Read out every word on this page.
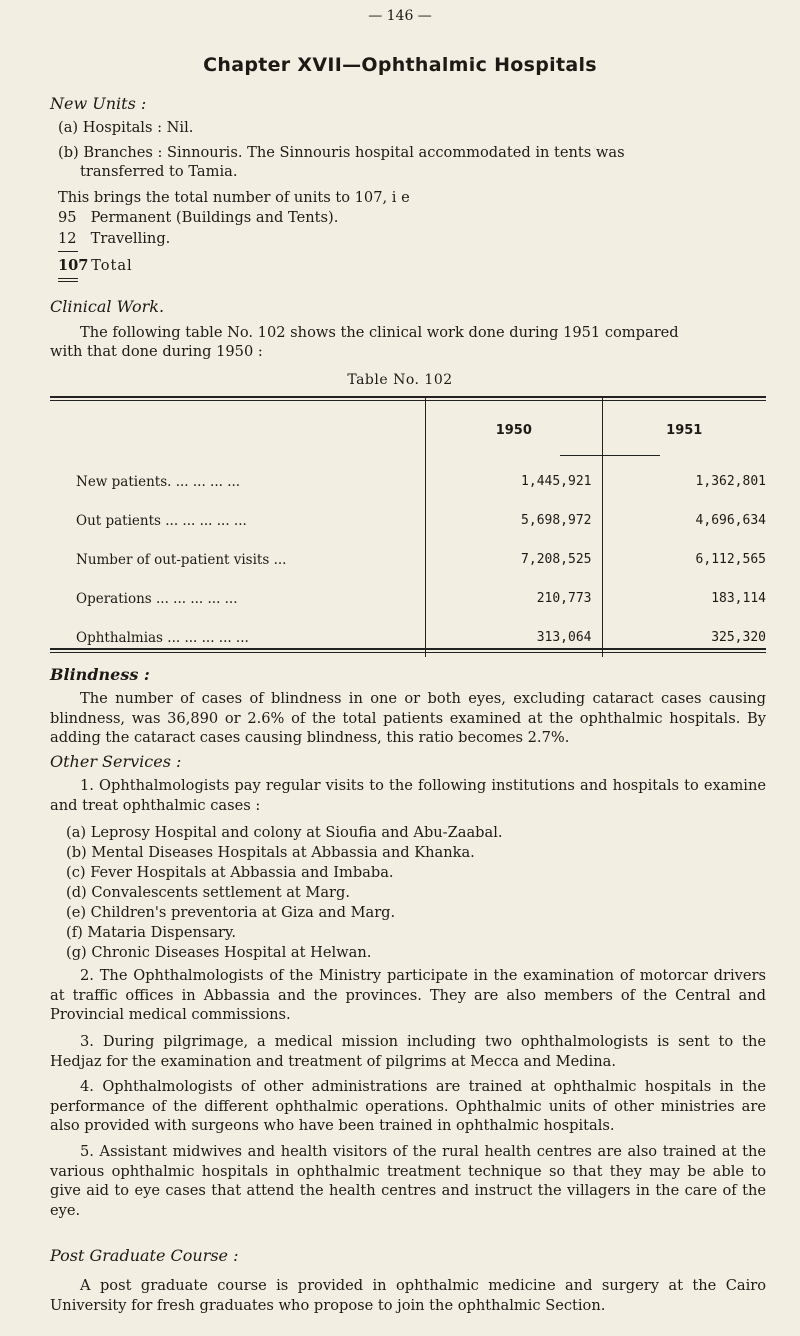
— 146 —
Chapter XVII—Ophthalmic Hospitals
New Units :
(a) Hospitals : Nil.
(b) Branches : Sinnouris. The Sinnouris hospital accommodated in tents was
transferred to Tamia.
This brings the total number of units to 107, i e
95 Permanent (Buildings and Tents).
12 Travelling.
107 Total
Clinical Work.
The following table No. 102 shows the clinical work done during 1951 compared
with that done during 1950 :
Table No. 102
	1950	1951
New patients. ... ... ... ...	1,445,921	1,362,801
Out patients ... ... ... ... ...	5,698,972	4,696,634
Number of out-patient visits ...	7,208,525	6,112,565
Operations ... ... ... ... ...	210,773	183,114
Ophthalmias ... ... ... ... ...	313,064	325,320
Blindness :
The number of cases of blindness in one or both eyes, excluding cataract cases causing blindness, was 36,890 or 2.6% of the total patients examined at the ophthalmic hospitals. By adding the cataract cases causing blindness, this ratio becomes 2.7%.
Other Services :
1. Ophthalmologists pay regular visits to the following institutions and hospitals to examine and treat ophthalmic cases :
(a) Leprosy Hospital and colony at Sioufia and Abu-Zaabal.
(b) Mental Diseases Hospitals at Abbassia and Khanka.
(c) Fever Hospitals at Abbassia and Imbaba.
(d) Convalescents settlement at Marg.
(e) Children's preventoria at Giza and Marg.
(f) Mataria Dispensary.
(g) Chronic Diseases Hospital at Helwan.
2. The Ophthalmologists of the Ministry participate in the examination of motorcar drivers at traffic offices in Abbassia and the provinces. They are also members of the Central and Provincial medical commissions.
3. During pilgrimage, a medical mission including two ophthalmologists is sent to the Hedjaz for the examination and treatment of pilgrims at Mecca and Medina.
4. Ophthalmologists of other administrations are trained at ophthalmic hospitals in the performance of the different ophthalmic operations. Ophthalmic units of other ministries are also provided with surgeons who have been trained in ophthalmic hospitals.
5. Assistant midwives and health visitors of the rural health centres are also trained at the various ophthalmic hospitals in ophthalmic treatment technique so that they may be able to give aid to eye cases that attend the health centres and instruct the villagers in the care of the eye.
Post Graduate Course :
A post graduate course is provided in ophthalmic medicine and surgery at the Cairo University for fresh graduates who propose to join the ophthalmic Section.
